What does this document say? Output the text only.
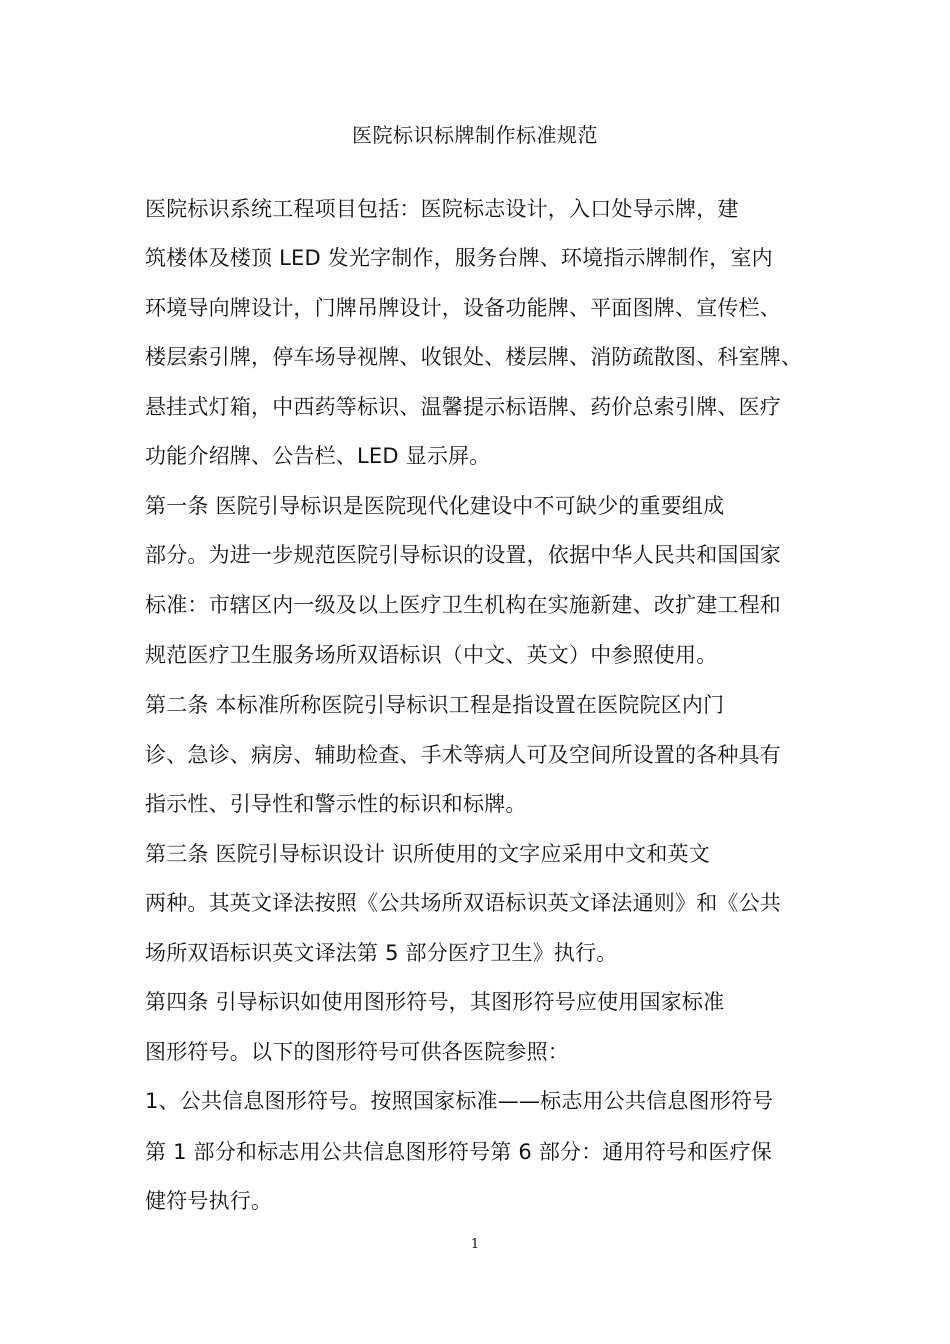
医院标识标牌制作标准规范
医院标识系统工程项目包括：医院标志设计，入口处导示牌，建
筑楼体及楼顶 LED 发光字制作，服务台牌、环境指示牌制作，室内
环境导向牌设计，门牌吊牌设计，设备功能牌、平面图牌、宣传栏、
楼层索引牌，停车场导视牌、收银处、楼层牌、消防疏散图、科室牌、
悬挂式灯箱，中西药等标识、温馨提示标语牌、药价总索引牌、医疗
功能介绍牌、公告栏、LED 显示屏。
第一条 医院引导标识是医院现代化建设中不可缺少的重要组成
部分。为进一步规范医院引导标识的设置，依据中华人民共和国国家
标准：市辖区内一级及以上医疗卫生机构在实施新建、改扩建工程和
规范医疗卫生服务场所双语标识（中文、英文）中参照使用。
第二条 本标准所称医院引导标识工程是指设置在医院院区内门
诊、急诊、病房、辅助检查、手术等病人可及空间所设置的各种具有
指示性、引导性和警示性的标识和标牌。
第三条 医院引导标识设计 识所使用的文字应采用中文和英文
两种。其英文译法按照《公共场所双语标识英文译法通则》和《公共
场所双语标识英文译法第 5 部分医疗卫生》执行。
第四条 引导标识如使用图形符号，其图形符号应使用国家标准
图形符号。以下的图形符号可供各医院参照：
1、公共信息图形符号。按照国家标准——标志用公共信息图形符号
第 1 部分和标志用公共信息图形符号第 6 部分：通用符号和医疗保
健符号执行。
1
